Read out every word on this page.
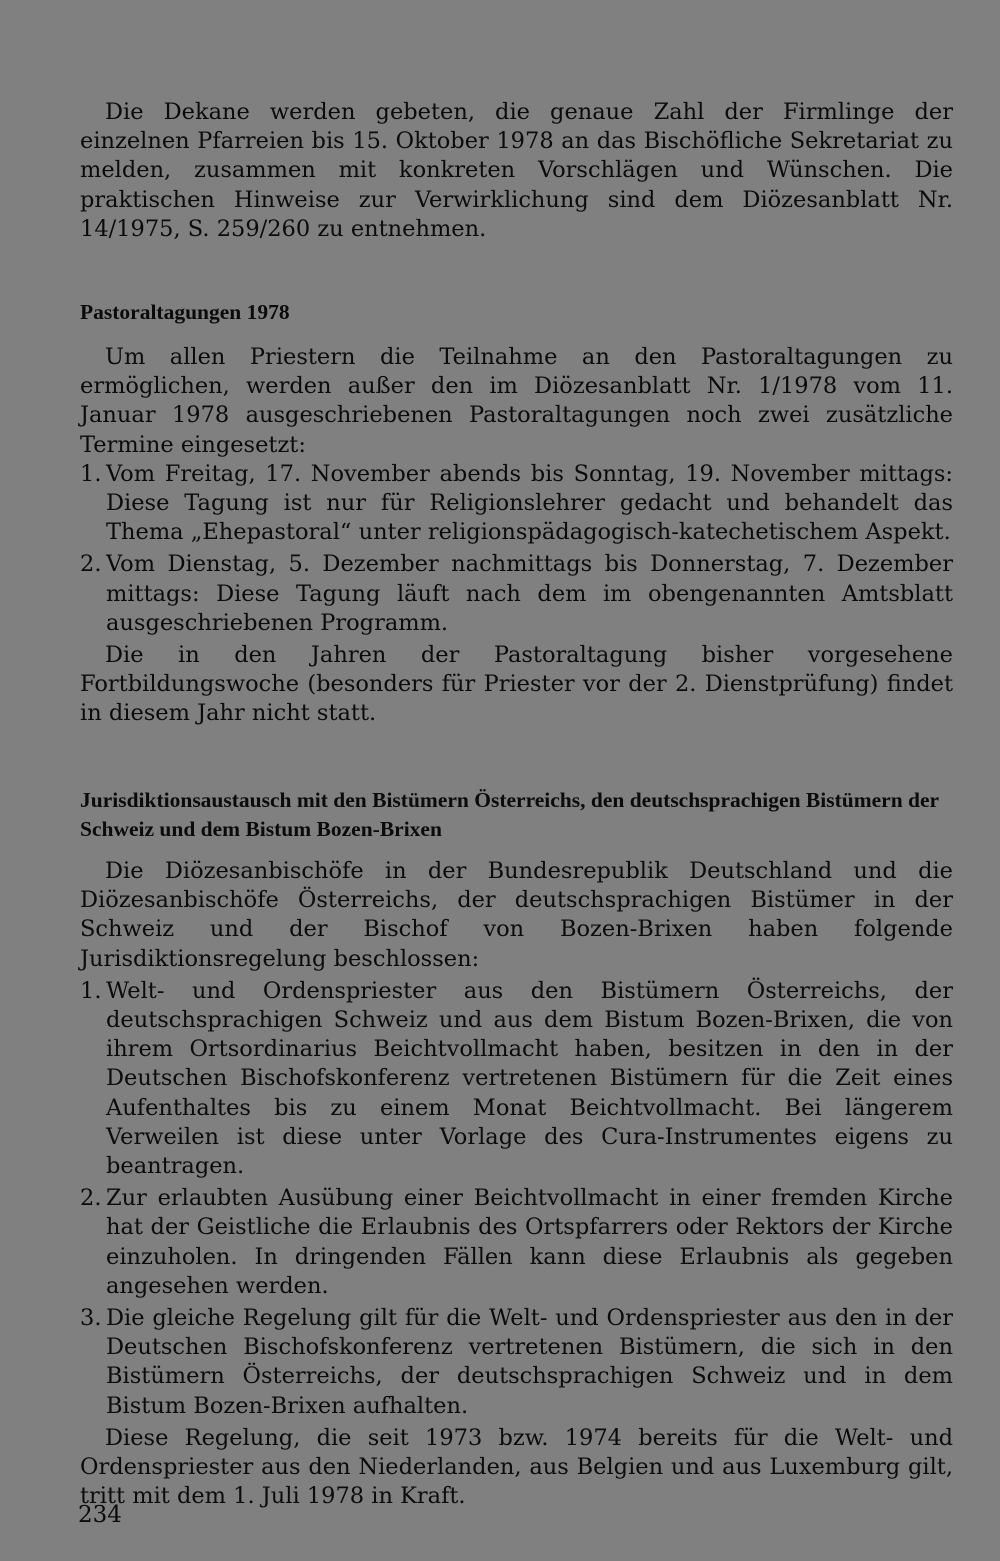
Die Dekane werden gebeten, die genaue Zahl der Firmlinge der einzelnen Pfarreien bis 15. Oktober 1978 an das Bischöfliche Sekretariat zu melden, zusammen mit konkreten Vorschlägen und Wünschen. Die praktischen Hinweise zur Verwirklichung sind dem Diözesanblatt Nr. 14/1975, S. 259/260 zu entnehmen.

Pastoraltagungen 1978

Um allen Priestern die Teilnahme an den Pastoraltagungen zu ermöglichen, werden außer den im Diözesanblatt Nr. 1/1978 vom 11. Januar 1978 ausgeschriebenen Pastoraltagungen noch zwei zusätzliche Termine eingesetzt:

1. Vom Freitag, 17. November abends bis Sonntag, 19. November mittags: Diese Tagung ist nur für Religionslehrer gedacht und behandelt das Thema „Ehepastoral“ unter religionspädagogisch-katechetischem Aspekt.
2. Vom Dienstag, 5. Dezember nachmittags bis Donnerstag, 7. Dezember mittags: Diese Tagung läuft nach dem im obengenannten Amtsblatt ausgeschriebenen Programm.

Die in den Jahren der Pastoraltagung bisher vorgesehene Fortbildungswoche (besonders für Priester vor der 2. Dienstprüfung) findet in diesem Jahr nicht statt.

Jurisdiktionsaustausch mit den Bistümern Österreichs, den deutschsprachigen Bistümern der Schweiz und dem Bistum Bozen-Brixen

Die Diözesanbischöfe in der Bundesrepublik Deutschland und die Diözesanbischöfe Österreichs, der deutschsprachigen Bistümer in der Schweiz und der Bischof von Bozen-Brixen haben folgende Jurisdiktionsregelung beschlossen:

1. Welt- und Ordenspriester aus den Bistümern Österreichs, der deutschsprachigen Schweiz und aus dem Bistum Bozen-Brixen, die von ihrem Ortsordinarius Beichtvollmacht haben, besitzen in den in der Deutschen Bischofskonferenz vertretenen Bistümern für die Zeit eines Aufenthaltes bis zu einem Monat Beichtvollmacht. Bei längerem Verweilen ist diese unter Vorlage des Cura-Instrumentes eigens zu beantragen.
2. Zur erlaubten Ausübung einer Beichtvollmacht in einer fremden Kirche hat der Geistliche die Erlaubnis des Ortspfarrers oder Rektors der Kirche einzuholen. In dringenden Fällen kann diese Erlaubnis als gegeben angesehen werden.
3. Die gleiche Regelung gilt für die Welt- und Ordenspriester aus den in der Deutschen Bischofskonferenz vertretenen Bistümern, die sich in den Bistümern Österreichs, der deutschsprachigen Schweiz und in dem Bistum Bozen-Brixen aufhalten.

Diese Regelung, die seit 1973 bzw. 1974 bereits für die Welt- und Ordenspriester aus den Niederlanden, aus Belgien und aus Luxemburg gilt, tritt mit dem 1. Juli 1978 in Kraft.

234
